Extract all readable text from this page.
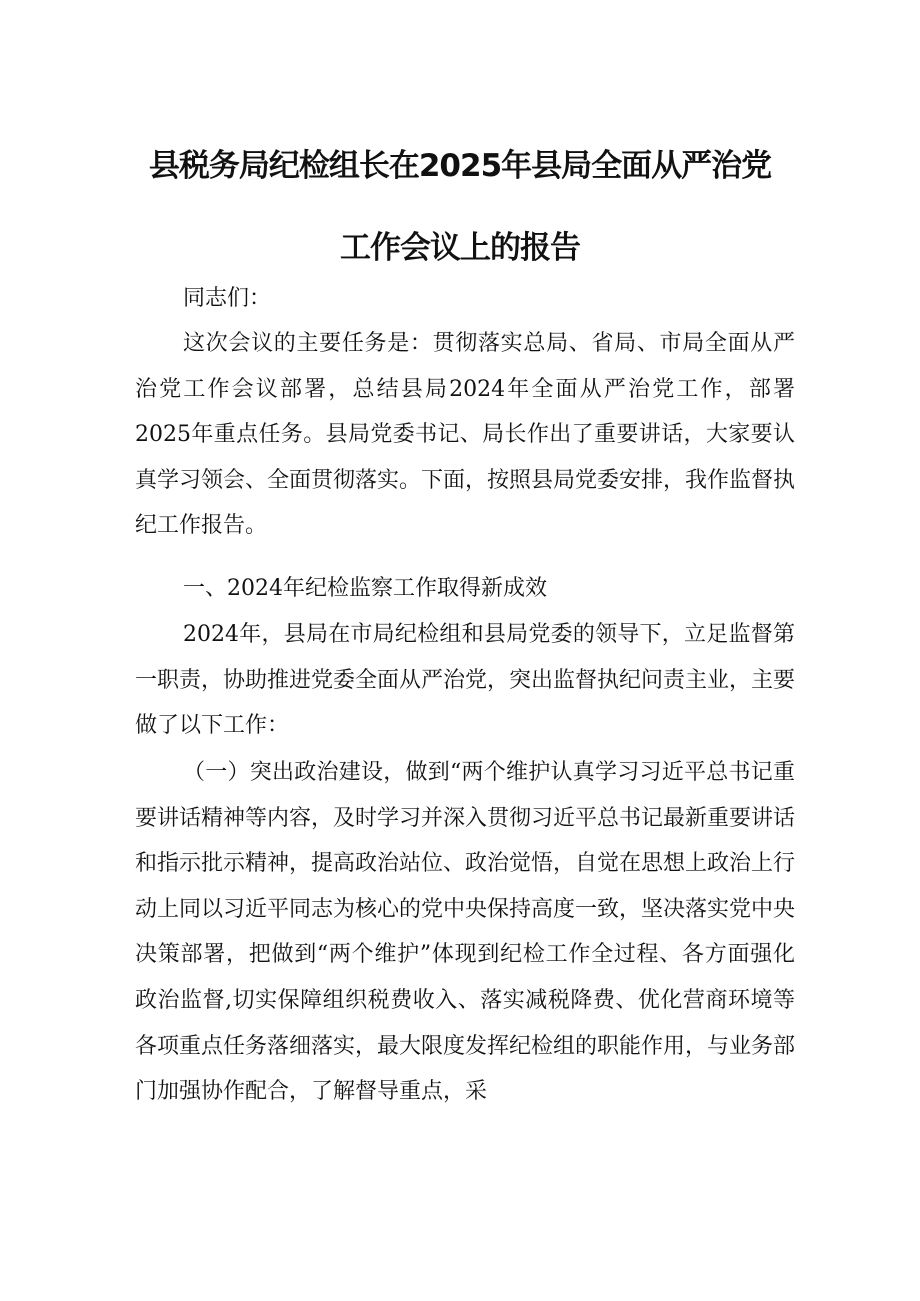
县税务局纪检组长在2025年县局全面从严治党
工作会议上的报告

同志们：

这次会议的主要任务是：贯彻落实总局、省局、市局全面从严治党工作会议部署，总结县局2024年全面从严治党工作，部署2025年重点任务。县局党委书记、局长作出了重要讲话，大家要认真学习领会、全面贯彻落实。下面，按照县局党委安排，我作监督执纪工作报告。

一、2024年纪检监察工作取得新成效

2024年，县局在市局纪检组和县局党委的领导下，立足监督第一职责，协助推进党委全面从严治党，突出监督执纪问责主业，主要做了以下工作：

（一）突出政治建设，做到“两个维护认真学习习近平总书记重要讲话精神等内容，及时学习并深入贯彻习近平总书记最新重要讲话和指示批示精神，提高政治站位、政治觉悟，自觉在思想上政治上行动上同以习近平同志为核心的党中央保持高度一致，坚决落实党中央决策部署，把做到“两个维护”体现到纪检工作全过程、各方面强化政治监督,切实保障组织税费收入、落实减税降费、优化营商环境等各项重点任务落细落实，最大限度发挥纪检组的职能作用，与业务部门加强协作配合，了解督导重点，采
